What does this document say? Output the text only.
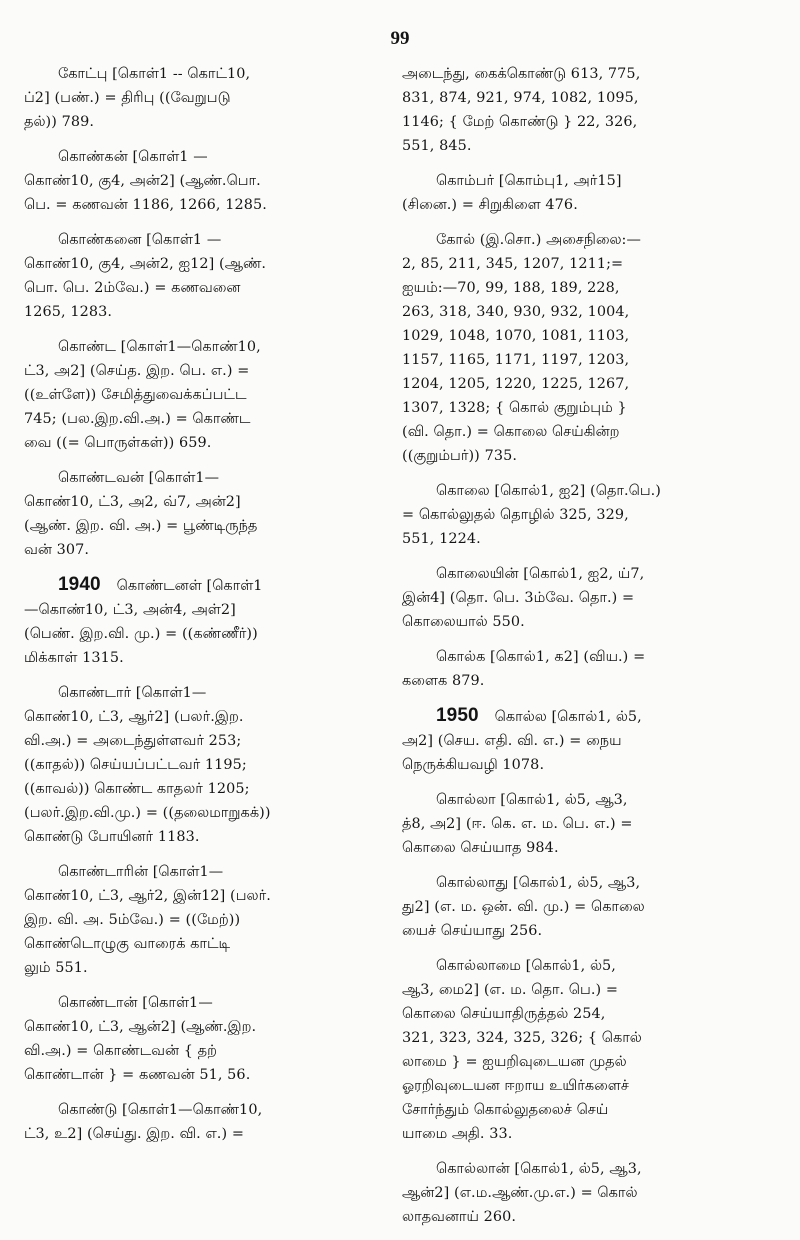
99
கோட்பு [கொள்1 -- கொட்10,
ப்2] (பண்.) = திரிபு ((வேறுபடு
தல்)) 789.
கொண்கன் [கொள்1 —
கொண்10, கு4, அன்2] (ஆண்.பொ.
பெ. = கணவன் 1186, 1266, 1285.
கொண்கனை [கொள்1 —
கொண்10, கு4, அன்2, ஐ12] (ஆண்.
பொ. பெ. 2ம்வே.) = கணவனை
1265, 1283.
கொண்ட [கொள்1—கொண்10,
ட்3, அ2] (செய்த. இற. பெ. எ.) =
((உள்ளே)) சேமித்துவைக்கப்பட்ட
745; (பல.இற.வி.அ.) = கொண்ட
வை ((= பொருள்கள்)) 659.
கொண்டவன் [கொள்1—
கொண்10, ட்3, அ2, வ்7, அன்2]
(ஆண். இற. வி. அ.) = பூண்டிருந்த
வன் 307.
1940 கொண்டனள் [கொள்1
—கொண்10, ட்3, அன்4, அள்2]
(பெண். இற.வி. மு.) = ((கண்ணீர்))
மிக்காள் 1315.
கொண்டார் [கொள்1—
கொண்10, ட்3, ஆர்2] (பலர்.இற.
வி.அ.) = அடைந்துள்ளவர் 253;
((காதல்)) செய்யப்பட்டவர் 1195;
((காவல்)) கொண்ட காதலர் 1205;
(பலர்.இற.வி.மு.) = ((தலைமாறுகக்))
கொண்டு போயினர் 1183.
கொண்டாரின் [கொள்1—
கொண்10, ட்3, ஆர்2, இன்12] (பலர்.
இற. வி. அ. 5ம்வே.) = ((மேற்))
கொண்டொழுகு வாரைக் காட்டி
லும் 551.
கொண்டான் [கொள்1—
கொண்10, ட்3, ஆன்2] (ஆண்.இற.
வி.அ.) = கொண்டவன் { தற்
கொண்டான் } = கணவன் 51, 56.
கொண்டு [கொள்1—கொண்10,
ட்3, உ2] (செய்து. இற. வி. எ.) =
அடைந்து, கைக்கொண்டு 613, 775,
831, 874, 921, 974, 1082, 1095,
1146; { மேற் கொண்டு } 22, 326,
551, 845.
கொம்பர் [கொம்பு1, அர்15]
(சினை.) = சிறுகிளை 476.
கோல் (இ.சொ.) அசைநிலை:—
2, 85, 211, 345, 1207, 1211;=
ஐயம்:—70, 99, 188, 189, 228,
263, 318, 340, 930, 932, 1004,
1029, 1048, 1070, 1081, 1103,
1157, 1165, 1171, 1197, 1203,
1204, 1205, 1220, 1225, 1267,
1307, 1328; { கொல் குறும்பும் }
(வி. தொ.) = கொலை செய்கின்ற
((குறும்பர்)) 735.
கொலை [கொல்1, ஐ2] (தொ.பெ.)
= கொல்லுதல் தொழில் 325, 329,
551, 1224.
கொலையின் [கொல்1, ஐ2, ய்7,
இன்4] (தொ. பெ. 3ம்வே. தொ.) =
கொலையால் 550.
கொல்க [கொல்1, க2] (விய.) =
களைக 879.
1950 கொல்ல [கொல்1, ல்5,
அ2] (செய. எதி. வி. எ.) = நைய
நெருக்கியவழி 1078.
கொல்லா [கொல்1, ல்5, ஆ3,
த்8, அ2] (ஈ. கெ. எ. ம. பெ. எ.) =
கொலை செய்யாத 984.
கொல்லாது [கொல்1, ல்5, ஆ3,
து2] (எ. ம. ஒன். வி. மு.) = கொலை
யைச் செய்யாது 256.
கொல்லாமை [கொல்1, ல்5,
ஆ3, மை2] (எ. ம. தொ. பெ.) =
கொலை செய்யாதிருத்தல் 254,
321, 323, 324, 325, 326; { கொல்
லாமை } = ஐயறிவுடையன முதல்
ஓரறிவுடையன ஈறாய உயிர்களைச்
சோர்ந்தும் கொல்லுதலைச் செய்
யாமை அதி. 33.
கொல்லான் [கொல்1, ல்5, ஆ3,
ஆன்2] (எ.ம.ஆண்.மு.எ.) = கொல்
லாதவனாய் 260.
